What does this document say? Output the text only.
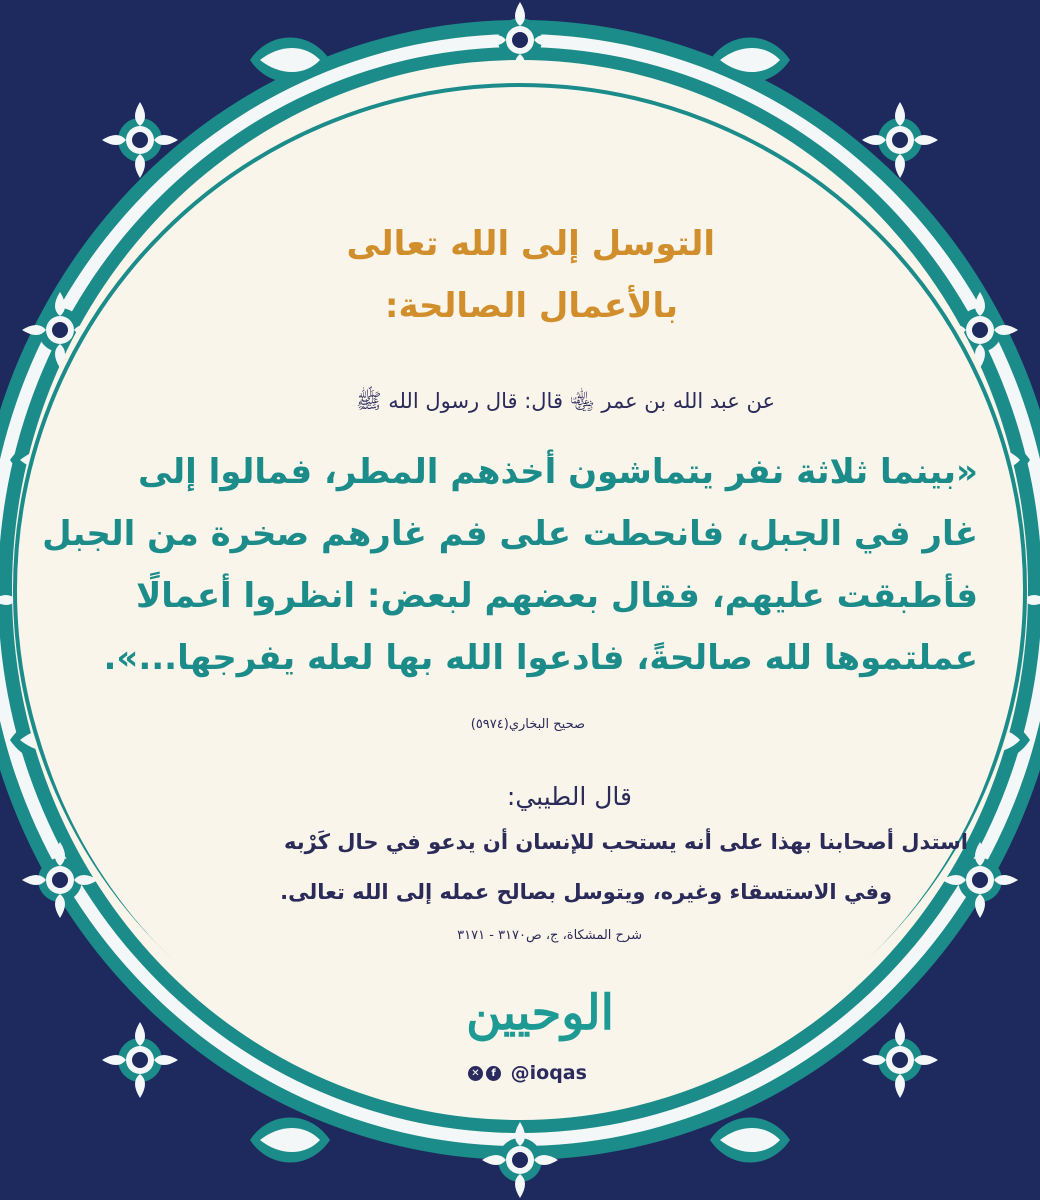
التوسل إلى الله تعالى
بالأعمال الصالحة:
عن عبد الله بن عمر ﵄ قال: قال رسول الله ﷺ
«بينما ثلاثة نفر يتماشون أخذهم المطر، فمالوا إلى
غار في الجبل، فانحطت على فم غارهم صخرة من الجبل
فأطبقت عليهم، فقال بعضهم لبعض: انظروا أعمالًا
عملتموها لله صالحةً، فادعوا الله بها لعله يفرجها...».
صحيح البخاري(٥٩٧٤)
قال الطيبي:
استدل أصحابنا بهذا على أنه يستحب للإنسان أن يدعو في حال كَرْبه
وفي الاستسقاء وغيره، ويتوسل بصالح عمله إلى الله تعالى.
شرح المشكاة، ج، ص٣١٧٠ - ٣١٧١
الوحيين
✕ f @ioqas
